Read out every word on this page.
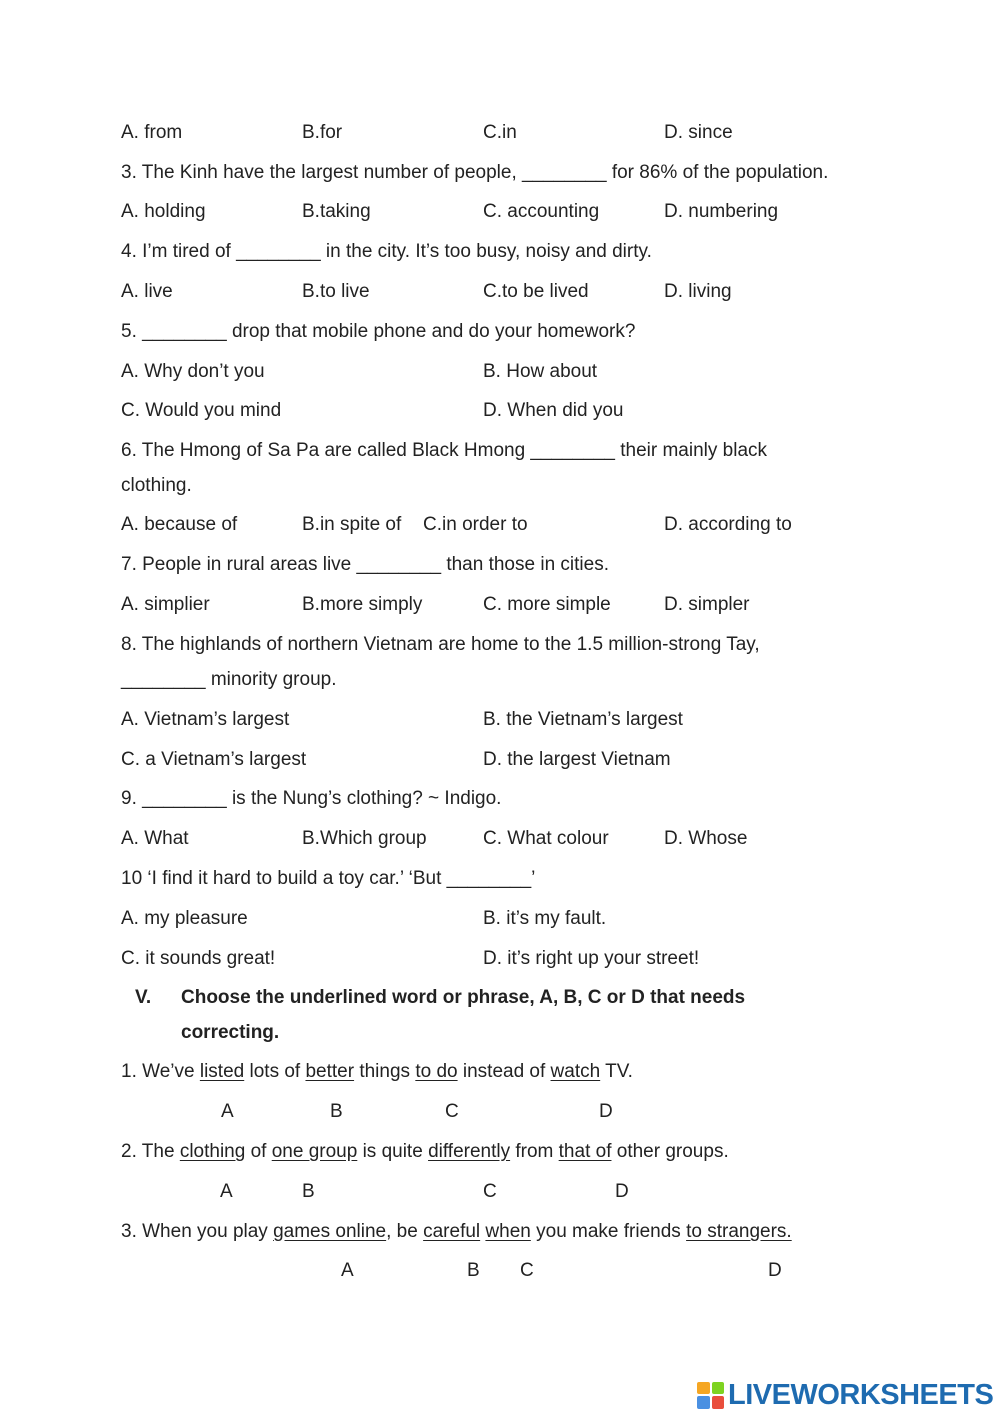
A. from	B.for	C.in	D. since
3. The Kinh have the largest number of people, ________ for 86% of the population.
A. holding	B.taking	C. accounting	D. numbering
4. I’m tired of ________ in the city. It’s too busy, noisy and dirty.
A. live	B.to live	C.to be lived	D. living
5. ________ drop that mobile phone and do your homework?
A. Why don’t you	B. How about
C. Would you mind	D. When did you
6. The Hmong of Sa Pa are called Black Hmong ________ their mainly black
clothing.
A. because of	B.in spite of C.in order to	D. according to
7. People in rural areas live ________ than those in cities.
A. simplier	B.more simply	C. more simple	D. simpler
8. The highlands of northern Vietnam are home to the 1.5 million-strong Tay,
________ minority group.
A. Vietnam’s largest	B. the Vietnam’s largest
C. a Vietnam’s largest	D. the largest Vietnam
9. ________ is the Nung’s clothing? ~ Indigo.
A. What	B.Which group	C. What colour	D. Whose
10 ‘I find it hard to build a toy car.’ ‘But ________’
A. my pleasure	B. it’s my fault.
C. it sounds great!	D. it’s right up your street!
V. Choose the underlined word or phrase, A, B, C or D that needs
correcting.
1. We’ve listed lots of better things to do instead of watch TV.
A	B	C	D
2. The clothing of one group is quite differently from that of other groups.
A	B	C	D
3. When you play games online, be careful when you make friends to strangers.
A	B C	D
LIVEWORKSHEETS
